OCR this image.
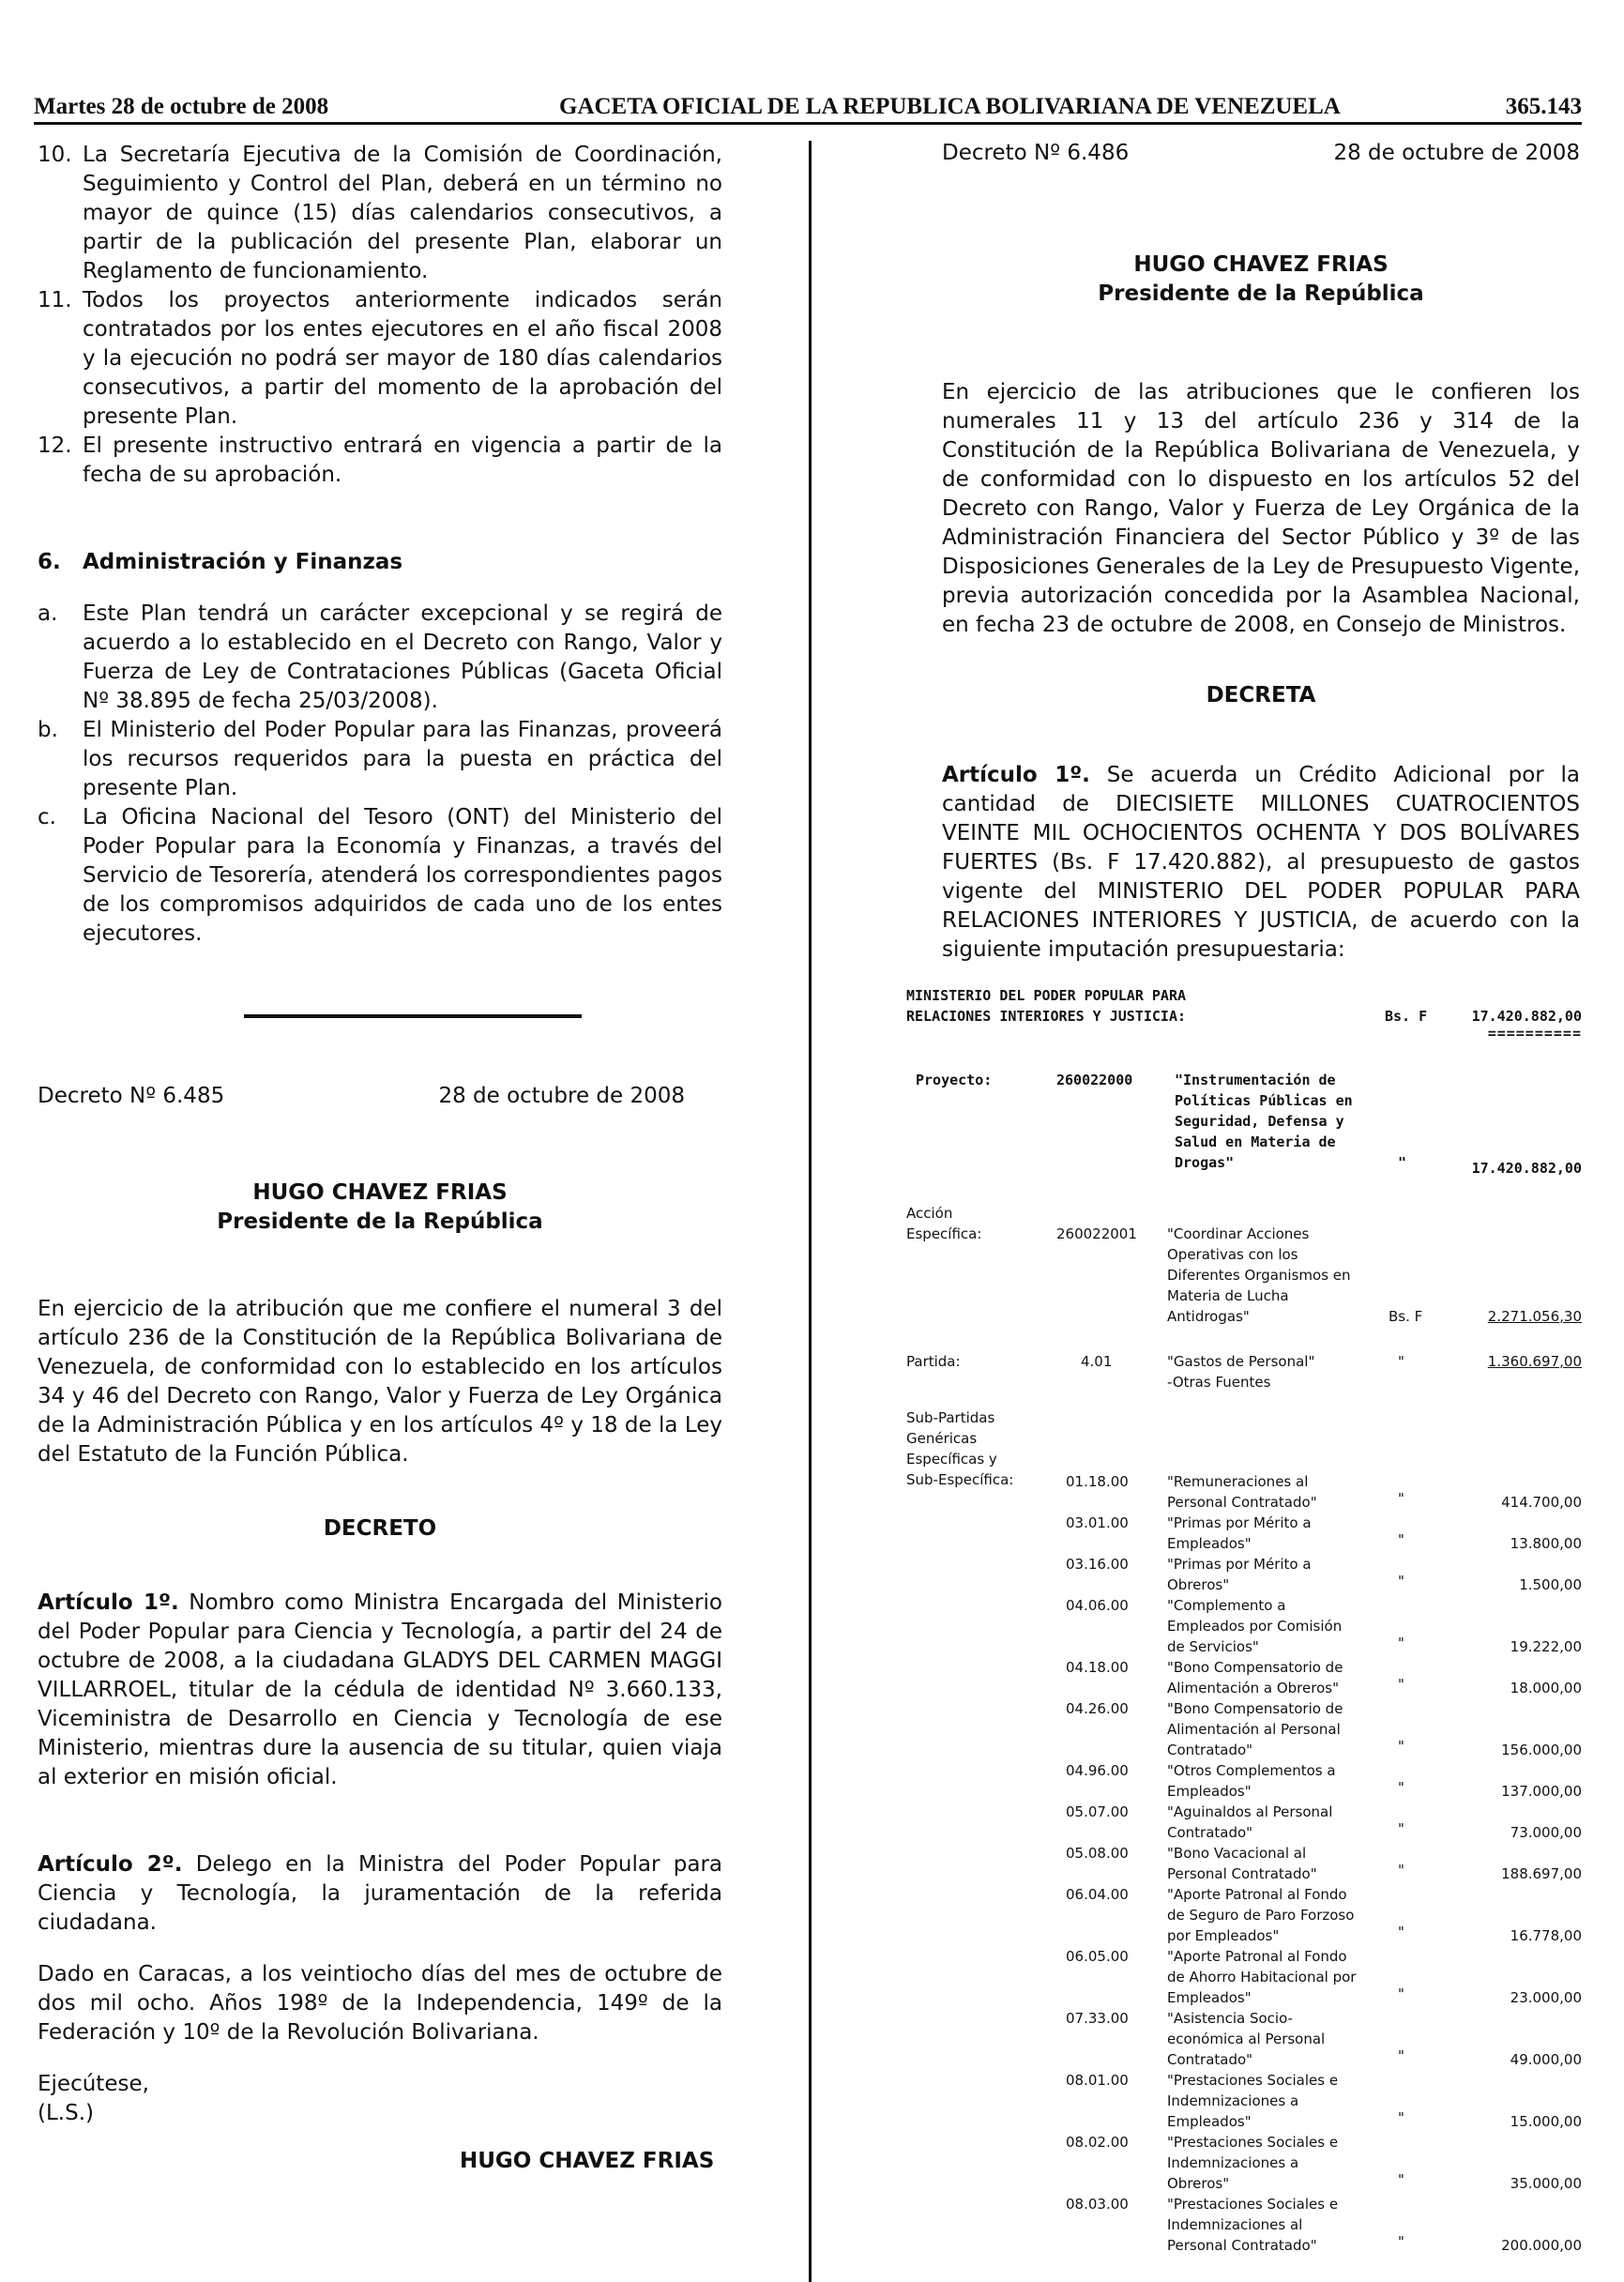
Martes 28 de octubre de 2008	GACETA OFICIAL DE LA REPUBLICA BOLIVARIANA DE VENEZUELA	365.143
10. La Secretaría Ejecutiva de la Comisión de Coordinación, Seguimiento y Control del Plan, deberá en un término no mayor de quince (15) días calendarios consecutivos, a partir de la publicación del presente Plan, elaborar un Reglamento de funcionamiento.
11. Todos los proyectos anteriormente indicados serán contratados por los entes ejecutores en el año fiscal 2008 y la ejecución no podrá ser mayor de 180 días calendarios consecutivos, a partir del momento de la aprobación del presente Plan.
12. El presente instructivo entrará en vigencia a partir de la fecha de su aprobación.
6. Administración y Finanzas
a. Este Plan tendrá un carácter excepcional y se regirá de acuerdo a lo establecido en el Decreto con Rango, Valor y Fuerza de Ley de Contrataciones Públicas (Gaceta Oficial Nº 38.895 de fecha 25/03/2008).
b. El Ministerio del Poder Popular para las Finanzas, proveerá los recursos requeridos para la puesta en práctica del presente Plan.
c. La Oficina Nacional del Tesoro (ONT) del Ministerio del Poder Popular para la Economía y Finanzas, a través del Servicio de Tesorería, atenderá los correspondientes pagos de los compromisos adquiridos de cada uno de los entes ejecutores.
Decreto Nº 6.485	28 de octubre de 2008
HUGO CHAVEZ FRIAS
Presidente de la República
En ejercicio de la atribución que me confiere el numeral 3 del artículo 236 de la Constitución de la República Bolivariana de Venezuela, de conformidad con lo establecido en los artículos 34 y 46 del Decreto con Rango, Valor y Fuerza de Ley Orgánica de la Administración Pública y en los artículos 4º y 18 de la Ley del Estatuto de la Función Pública.
DECRETO
Artículo 1º. Nombro como Ministra Encargada del Ministerio del Poder Popular para Ciencia y Tecnología, a partir del 24 de octubre de 2008, a la ciudadana GLADYS DEL CARMEN MAGGI VILLARROEL, titular de la cédula de identidad Nº 3.660.133, Viceministra de Desarrollo en Ciencia y Tecnología de ese Ministerio, mientras dure la ausencia de su titular, quien viaja al exterior en misión oficial.
Artículo 2º. Delego en la Ministra del Poder Popular para Ciencia y Tecnología, la juramentación de la referida ciudadana.
Dado en Caracas, a los veintiocho días del mes de octubre de dos mil ocho. Años 198º de la Independencia, 149º de la Federación y 10º de la Revolución Bolivariana.
Ejecútese,
(L.S.)
HUGO CHAVEZ FRIAS
Decreto Nº 6.486	28 de octubre de 2008
HUGO CHAVEZ FRIAS
Presidente de la República
En ejercicio de las atribuciones que le confieren los numerales 11 y 13 del artículo 236 y 314 de la Constitución de la República Bolivariana de Venezuela, y de conformidad con lo dispuesto en los artículos 52 del Decreto con Rango, Valor y Fuerza de Ley Orgánica de la Administración Financiera del Sector Público y 3º de las Disposiciones Generales de la Ley de Presupuesto Vigente, previa autorización concedida por la Asamblea Nacional, en fecha 23 de octubre de 2008, en Consejo de Ministros.
DECRETA
Artículo 1º. Se acuerda un Crédito Adicional por la cantidad de DIECISIETE MILLONES CUATROCIENTOS VEINTE MIL OCHOCIENTOS OCHENTA Y DOS BOLÍVARES FUERTES (Bs. F 17.420.882), al presupuesto de gastos vigente del MINISTERIO DEL PODER POPULAR PARA RELACIONES INTERIORES Y JUSTICIA, de acuerdo con la siguiente imputación presupuestaria:
MINISTERIO DEL PODER POPULAR PARA
RELACIONES INTERIORES Y JUSTICIA:	Bs. F	17.420.882,00
==========
Proyecto:	260022000	"Instrumentación de
Políticas Públicas en
Seguridad, Defensa y
Salud en Materia de
Drogas"	"	17.420.882,00
Acción
Específica:	260022001 "Coordinar Acciones
Operativas con los
Diferentes Organismos en
Materia de Lucha
Antidrogas"	Bs. F	2.271.056,30
Partida:	4.01	"Gastos de Personal"
-Otras Fuentes
"	1.360.697,00
Sub-Partidas
Genéricas
Específicas y
Sub-Específica:	01.18.00	"Remuneraciones al
Personal Contratado"	"	414.700,00
03.01.00	"Primas por Mérito a
Empleados"	"	13.800,00
03.16.00	"Primas por Mérito a
Obreros"	"	1.500,00
04.06.00	"Complemento a
Empleados por Comisión
de Servicios"	"	19.222,00
04.18.00	"Bono Compensatorio de
Alimentación a Obreros"	"	18.000,00
04.26.00	"Bono Compensatorio de
Alimentación al Personal
Contratado"	"	156.000,00
04.96.00	"Otros Complementos a
Empleados"	"	137.000,00
05.07.00	"Aguinaldos al Personal
Contratado"	"	73.000,00
05.08.00	"Bono Vacacional al
Personal Contratado"	"	188.697,00
06.04.00	"Aporte Patronal al Fondo
de Seguro de Paro Forzoso
por Empleados"	"	16.778,00
06.05.00	"Aporte Patronal al Fondo
de Ahorro Habitacional por
Empleados"	"	23.000,00
07.33.00	"Asistencia Socio-
económica al Personal
Contratado"	"	49.000,00
08.01.00	"Prestaciones Sociales e
Indemnizaciones a
Empleados"	"	15.000,00
08.02.00	"Prestaciones Sociales e
Indemnizaciones a
Obreros"	"	35.000,00
08.03.00	"Prestaciones Sociales e
Indemnizaciones al
Personal Contratado"	"	200.000,00
